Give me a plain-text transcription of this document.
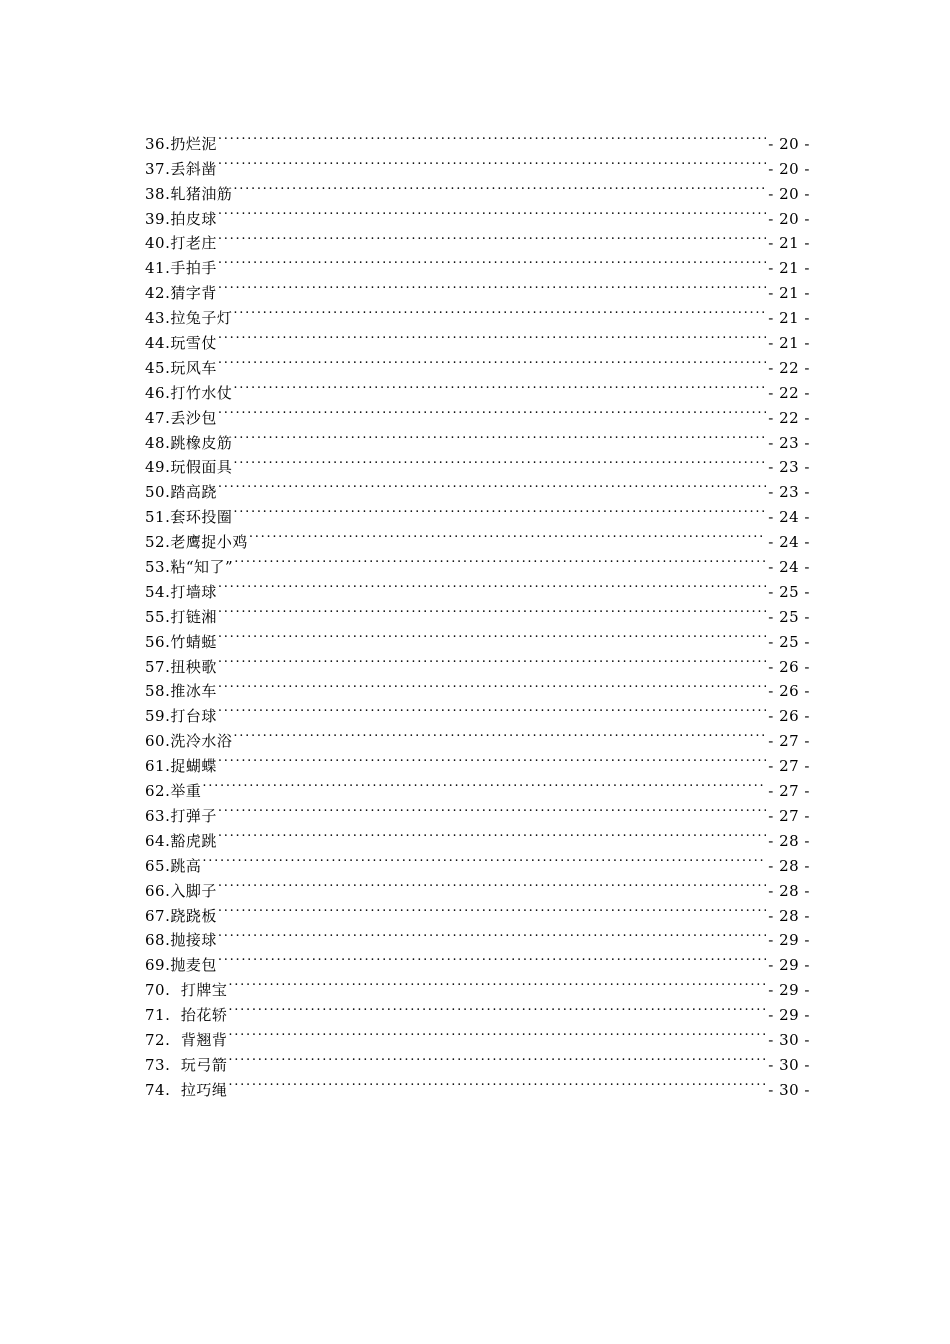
36.扔烂泥 . . .	- 20 -
37.丢斜凿 . . .	- 20 -
38.轧猪油筋 . . .	- 20 -
39.拍皮球 . . .	- 20 -
40.打老庄 . . .	- 21 -
41.手拍手 . . .	- 21 -
42.猜字背 . . .	- 21 -
43.拉兔子灯 . . .	- 21 -
44.玩雪仗 . . .	- 21 -
45.玩风车 . . .	- 22 -
46.打竹水仗 . . .	- 22 -
47.丢沙包 . . .	- 22 -
48.跳橡皮筋 . . .	- 23 -
49.玩假面具 . . .	- 23 -
50.踏高跷 . . .	- 23 -
51.套环投圈 . . .	- 24 -
52.老鹰捉小鸡 . . .	- 24 -
53.粘“知了” . . .	- 24 -
54.打墙球 . . .	- 25 -
55.打链湘 . . .	- 25 -
56.竹蜻蜓 . . .	- 25 -
57.扭秧歌 . . .	- 26 -
58.推冰车 . . .	- 26 -
59.打台球 . . .	- 26 -
60.洗冷水浴 . . .	- 27 -
61.捉蝴蝶 . . .	- 27 -
62.举重 . . .	- 27 -
63.打弹子 . . .	- 27 -
64.豁虎跳 . . .	- 28 -
65.跳高 . . .	- 28 -
66.入脚子 . . .	- 28 -
67.跷跷板 . . .	- 28 -
68.抛接球 . . .	- 29 -
69.抛麦包 . . .	- 29 -
70.  打牌宝 . . .	- 29 -
71.  抬花轿 . . .	- 29 -
72.  背翘背 . . .	- 30 -
73.  玩弓箭 . . .	- 30 -
74.  拉巧绳 . . .	- 30 -
